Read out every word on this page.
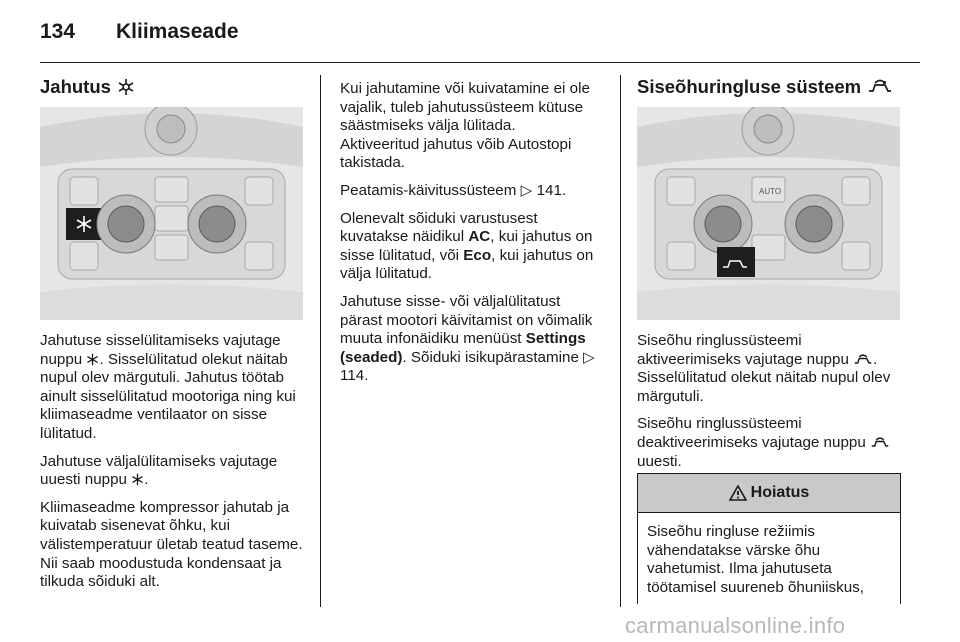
134	Kliimaseade
Jahutus

Jahutuse sisselülitamiseks vajutage nuppu . Sisselülitatud olekut näitab nupul olev märgutuli. Jahutus töötab ainult sisselülitatud mootoriga ning kui kliimaseadme ventilaator on sisse lülitatud.

Jahutuse väljalülitamiseks vajutage uuesti nuppu .

Kliimaseadme kompressor jahutab ja kuivatab sisenevat õhku, kui välistemperatuur ületab teatud taseme. Nii saab moodustuda kondensaat ja tilkuda sõiduki alt.

Kui jahutamine või kuivatamine ei ole vajalik, tuleb jahutussüsteem kütuse säästmiseks välja lülitada.

Aktiveeritud jahutus võib Autostopi takistada.

Peatamis-käivitussüsteem ▷ 141.

Olenevalt sõiduki varustusest kuvatakse näidikul AC, kui jahutus on sisse lülitatud, või Eco, kui jahutus on välja lülitatud.

Jahutuse sisse- või väljalülitatust pärast mootori käivitamist on võimalik muuta infonäidiku menüüst Settings (seaded). Sõiduki isikupärastamine ▷ 114.

Siseõhuringluse süsteem
AUTO

Siseõhu ringlussüsteemi aktiveerimiseks vajutage nuppu . Sisselülitatud olekut näitab nupul olev märgutuli.

Siseõhu ringlussüsteemi deaktiveerimiseks vajutage nuppu  uuesti.

Hoiatus
Siseõhu ringluse režiimis vähendatakse värske õhu vahetumist. Ilma jahutuseta töötamisel suureneb õhuniiskus,
carmanualsonline.info
